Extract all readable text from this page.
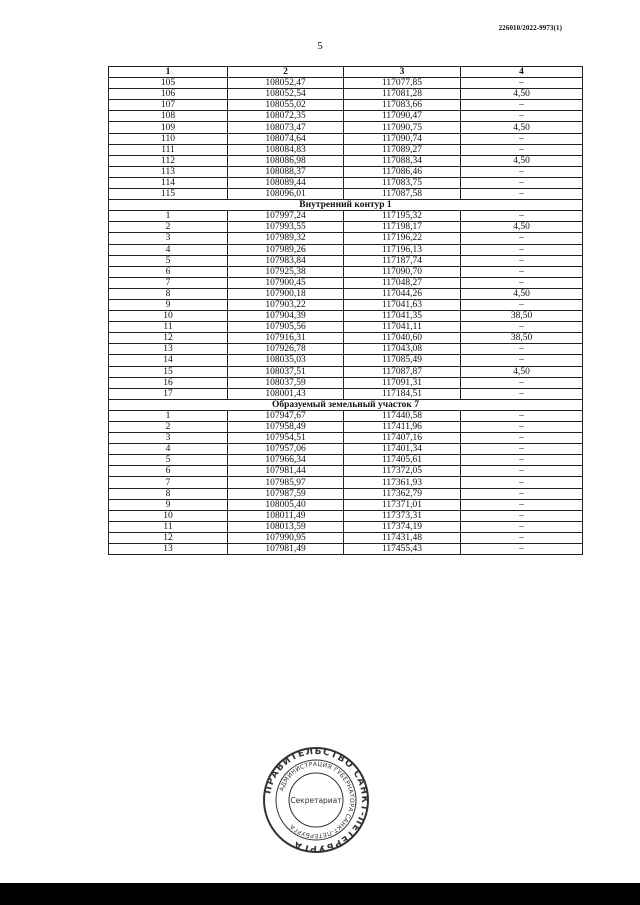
226010/2022-9973(1)
5
1	2	3	4
105	108052,47	117077,85	–
106	108052,54	117081,28	4,50
107	108055,02	117083,66	–
108	108072,35	117090,47	–
109	108073,47	117090,75	4,50
110	108074,64	117090,74	–
111	108084,83	117089,27	–
112	108086,98	117088,34	4,50
113	108088,37	117086,46	–
114	108089,44	117083,75	–
115	108096,01	117087,58	–
Внутренний контур 1			
1	107997,24	117195,32	–
2	107993,55	117198,17	4,50
3	107989,32	117196,22	–
4	107989,26	117196,13	–
5	107983,84	117187,74	–
6	107925,38	117090,70	–
7	107900,45	117048,27	–
8	107900,18	117044,26	4,50
9	107903,22	117041,63	–
10	107904,39	117041,35	38,50
11	107905,56	117041,11	–
12	107916,31	117040,60	38,50
13	107926,78	117043,08	–
14	108035,03	117085,49	–
15	108037,51	117087,87	4,50
16	108037,59	117091,31	–
17	108001,43	117184,51	–
Образуемый земельный участок 7			
1	107947,67	117440,58	–
2	107958,49	117411,96	–
3	107954,51	117407,16	–
4	107957,06	117401,34	–
5	107966,34	117405,61	–
6	107981,44	117372,05	–
7	107985,97	117361,93	–
8	107987,59	117362,79	–
9	108005,40	117371,01	–
10	108011,49	117373,31	–
11	108013,59	117374,19	–
12	107990,95	117431,48	–
13	107981,49	117455,43	–
ПРАВИТЕЛЬСТВО САНКТ-ПЕТЕРБУРГА
АДМИНИСТРАЦИЯ ГУБЕРНАТОРА САНКТ-ПЕТЕРБУРГА
Секретариат
